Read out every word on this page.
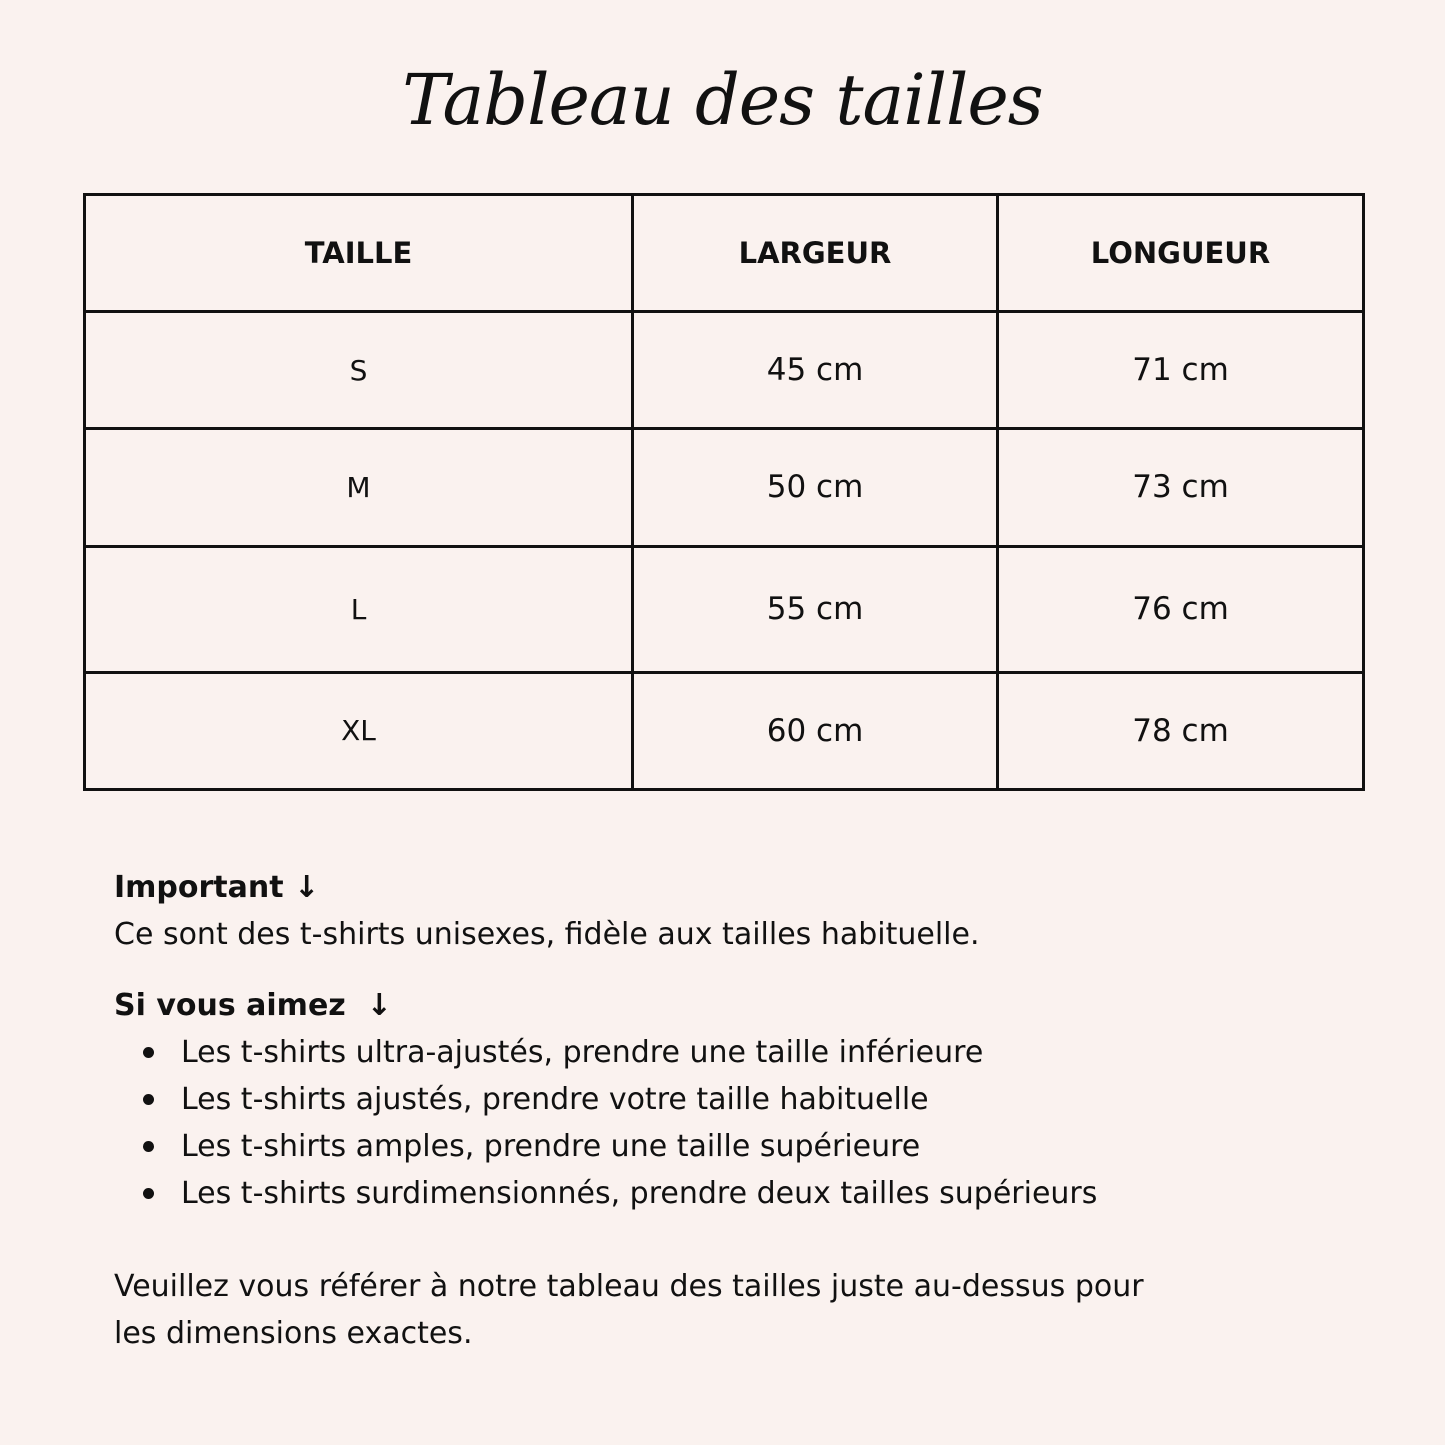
Tableau des tailles
TAILLE	LARGEUR	LONGUEUR
S	45 cm	71 cm
M	50 cm	73 cm
L	55 cm	76 cm
XL	60 cm	78 cm
Important ↓
Ce sont des t-shirts unisexes, fidèle aux tailles habituelle.
Si vous aimez  ↓
Les t-shirts ultra-ajustés, prendre une taille inférieure
Les t-shirts ajustés, prendre votre taille habituelle
Les t-shirts amples, prendre une taille supérieure
Les t-shirts surdimensionnés, prendre deux tailles supérieurs
Veuillez vous référer à notre tableau des tailles juste au-dessus pour
les dimensions exactes.
